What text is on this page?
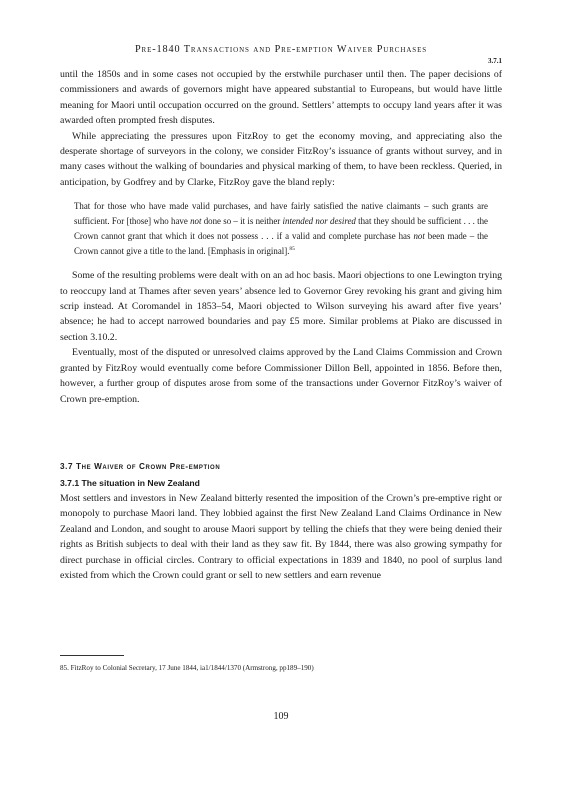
Pre-1840 Transactions and Pre-emption Waiver Purchases
3.7.1

until the 1850s and in some cases not occupied by the erstwhile purchaser until then. The paper decisions of commissioners and awards of governors might have appeared substantial to Europeans, but would have little meaning for Maori until occupation occurred on the ground. Settlers’ attempts to occupy land years after it was awarded often prompted fresh disputes.

While appreciating the pressures upon FitzRoy to get the economy moving, and appreciating also the desperate shortage of surveyors in the colony, we consider FitzRoy’s issuance of grants without survey, and in many cases without the walking of boundaries and physical marking of them, to have been reckless. Queried, in anticipation, by Godfrey and by Clarke, FitzRoy gave the bland reply:

That for those who have made valid purchases, and have fairly satisfied the native claimants – such grants are sufficient. For [those] who have not done so – it is neither intended nor desired that they should be sufficient . . . the Crown cannot grant that which it does not possess . . . if a valid and complete purchase has not been made – the Crown cannot give a title to the land. [Emphasis in original].$^{85}$

Some of the resulting problems were dealt with on an ad hoc basis. Maori objections to one Lewington trying to reoccupy land at Thames after seven years’ absence led to Governor Grey revoking his grant and giving him scrip instead. At Coromandel in 1853–54, Maori objected to Wilson surveying his award after five years’ absence; he had to accept narrowed boundaries and pay £5 more. Similar problems at Piako are discussed in section 3.10.2.

Eventually, most of the disputed or unresolved claims approved by the Land Claims Commission and Crown granted by FitzRoy would eventually come before Commissioner Dillon Bell, appointed in 1856. Before then, however, a further group of disputes arose from some of the transactions under Governor FitzRoy’s waiver of Crown pre-emption.

3.7 The Waiver of Crown Pre-emption

3.7.1 The situation in New Zealand

Most settlers and investors in New Zealand bitterly resented the imposition of the Crown’s pre-emptive right or monopoly to purchase Maori land. They lobbied against the first New Zealand Land Claims Ordinance in New Zealand and London, and sought to arouse Maori support by telling the chiefs that they were being denied their rights as British subjects to deal with their land as they saw fit. By 1844, there was also growing sympathy for direct purchase in official circles. Contrary to official expectations in 1839 and 1840, no pool of surplus land existed from which the Crown could grant or sell to new settlers and earn revenue

85. FitzRoy to Colonial Secretary, 17 June 1844, ia1/1844/1370 (Armstrong, pp189–190)
109
